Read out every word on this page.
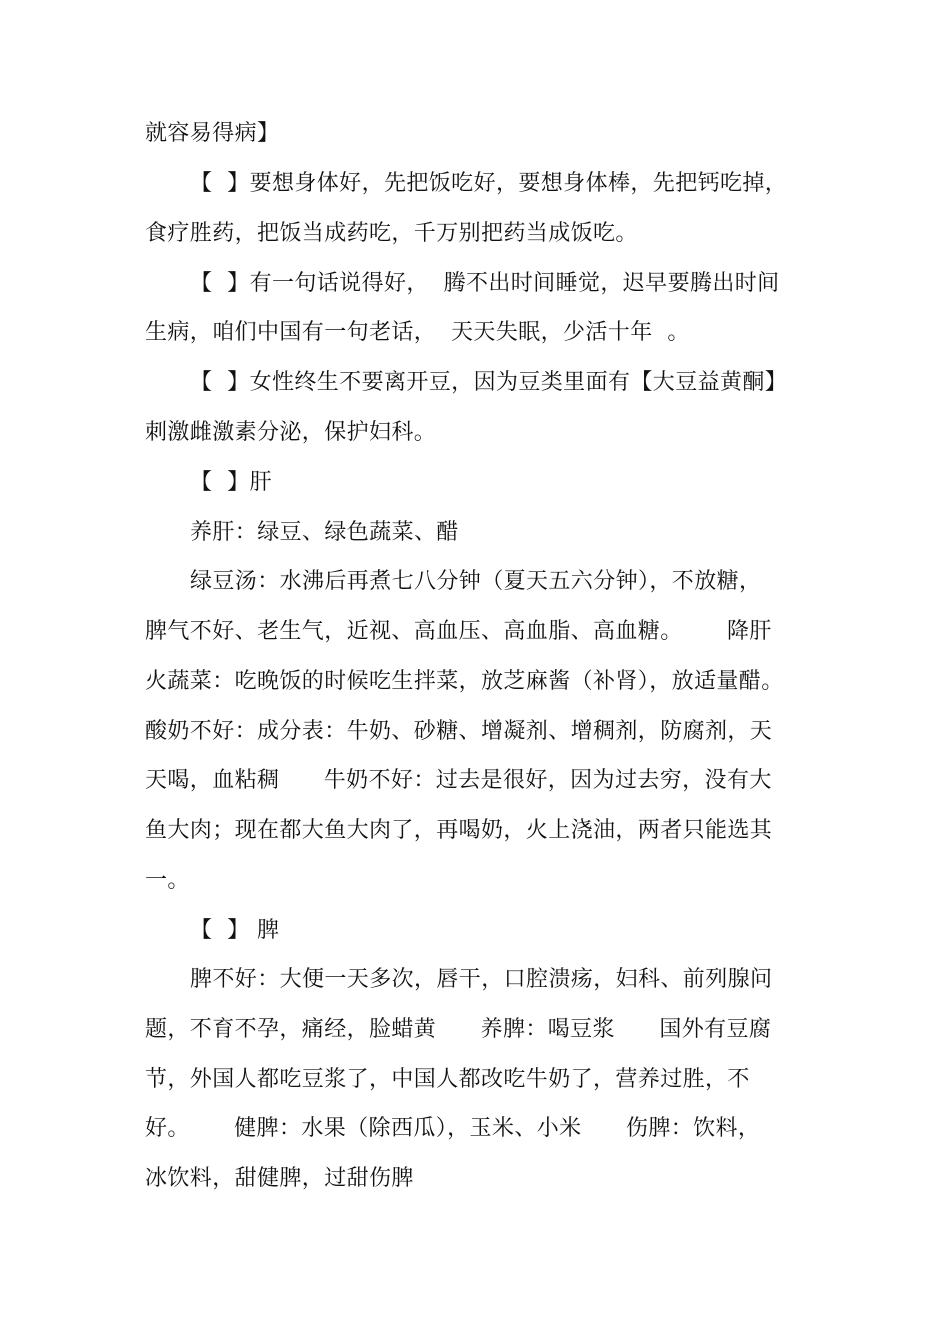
就容易得病】
【  】要想身体好，先把饭吃好，要想身体棒，先把钙吃掉，
食疗胜药，把饭当成药吃，千万别把药当成饭吃。
【  】有一句话说得好，  腾不出时间睡觉，迟早要腾出时间
生病，咱们中国有一句老话，  天天失眠，少活十年  。
【  】女性终生不要离开豆，因为豆类里面有【大豆益黄酮】
刺激雌激素分泌，保护妇科。
【  】肝
养肝：绿豆、绿色蔬菜、醋
绿豆汤：水沸后再煮七八分钟（夏天五六分钟），不放糖，
脾气不好、老生气，近视、高血压、高血脂、高血糖。      降肝
火蔬菜：吃晚饭的时候吃生拌菜，放芝麻酱（补肾），放适量醋。
酸奶不好：成分表：牛奶、砂糖、增凝剂、增稠剂，防腐剂，天
天喝，血粘稠      牛奶不好：过去是很好，因为过去穷，没有大
鱼大肉；现在都大鱼大肉了，再喝奶，火上浇油，两者只能选其
一。
【  】 脾
脾不好：大便一天多次，唇干，口腔溃疡，妇科、前列腺问
题，不育不孕，痛经，脸蜡黄      养脾：喝豆浆      国外有豆腐
节，外国人都吃豆浆了，中国人都改吃牛奶了，营养过胜，不
好。      健脾：水果（除西瓜），玉米、小米      伤脾：饮料，
冰饮料，甜健脾，过甜伤脾
